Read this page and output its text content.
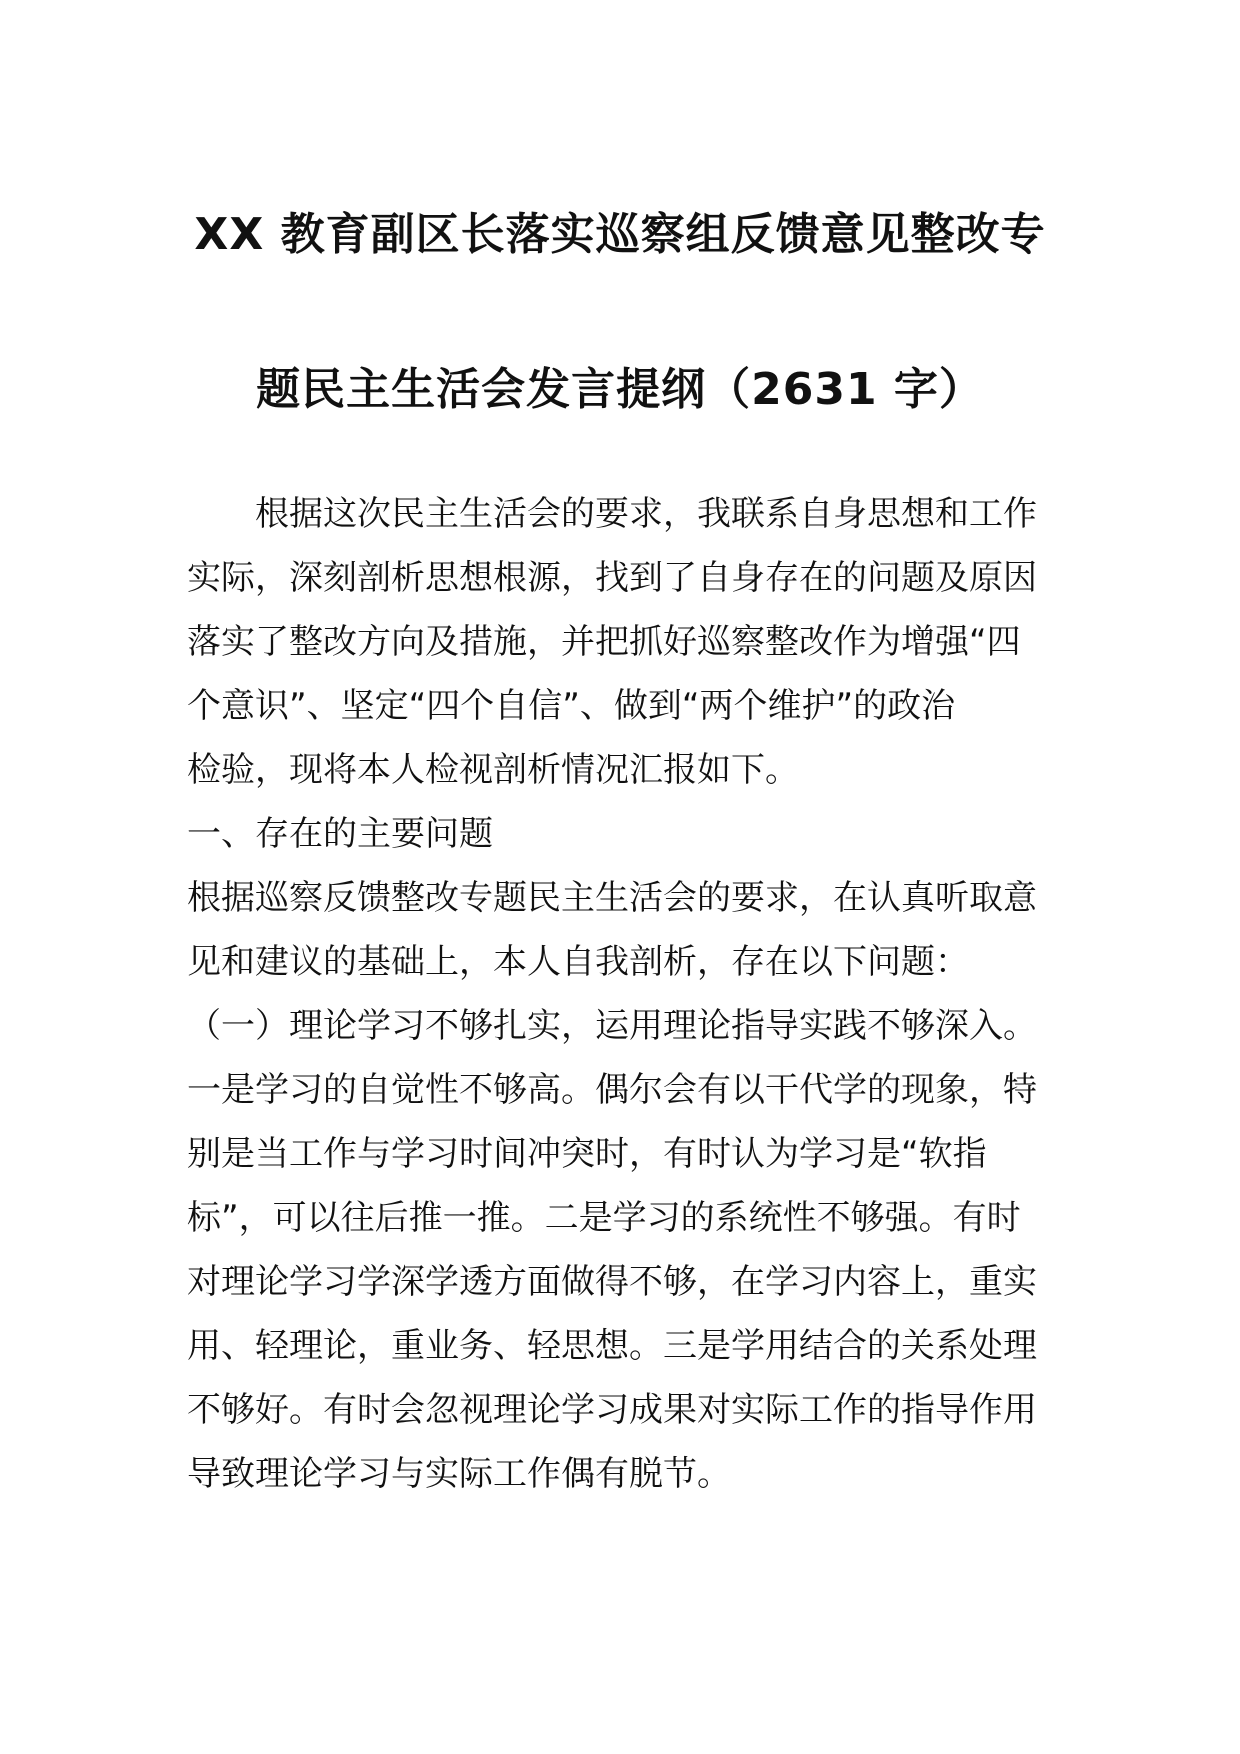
XX 教育副区长落实巡察组反馈意见整改专
题民主生活会发言提纲（2631 字）
根据这次民主生活会的要求，我联系自身思想和工作
实际，深刻剖析思想根源，找到了自身存在的问题及原因
落实了整改方向及措施，并把抓好巡察整改作为增强“四
个意识”、坚定“四个自信”、做到“两个维护”的政治
检验，现将本人检视剖析情况汇报如下。
一、存在的主要问题
根据巡察反馈整改专题民主生活会的要求，在认真听取意
见和建议的基础上，本人自我剖析，存在以下问题：
（一）理论学习不够扎实，运用理论指导实践不够深入。
一是学习的自觉性不够高。偶尔会有以干代学的现象，特
别是当工作与学习时间冲突时，有时认为学习是“软指
标”，可以往后推一推。二是学习的系统性不够强。有时
对理论学习学深学透方面做得不够，在学习内容上，重实
用、轻理论，重业务、轻思想。三是学用结合的关系处理
不够好。有时会忽视理论学习成果对实际工作的指导作用
导致理论学习与实际工作偶有脱节。
